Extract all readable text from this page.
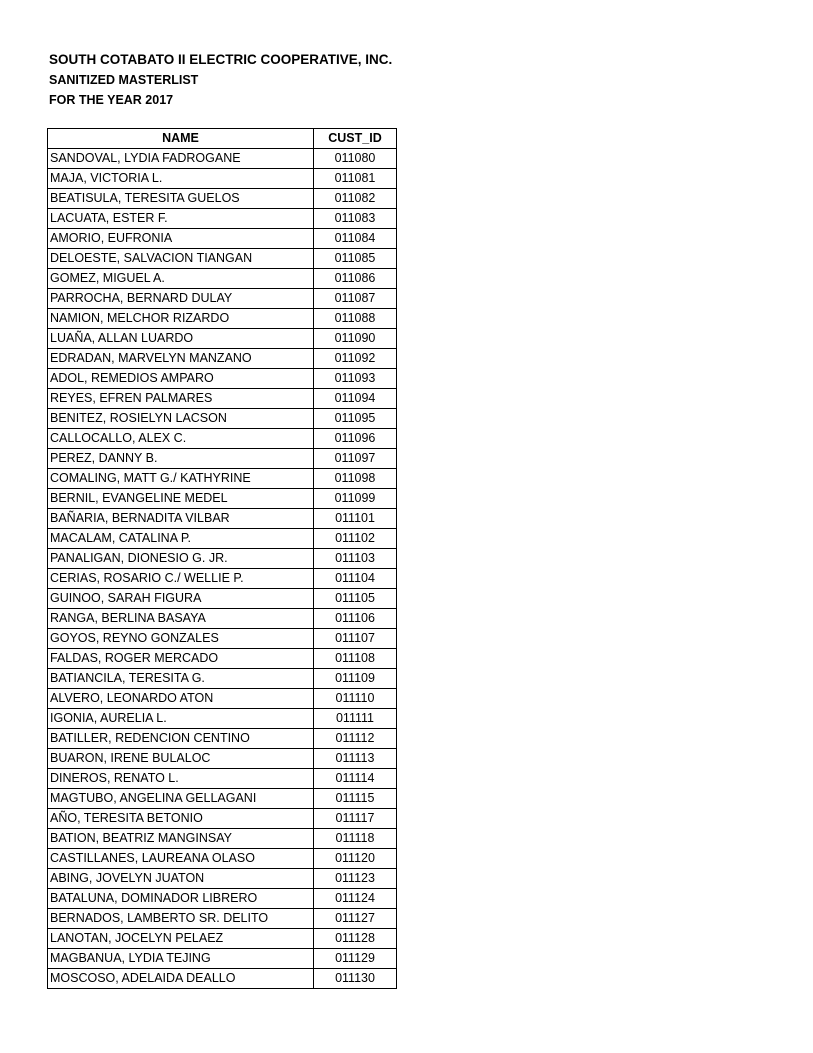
SOUTH COTABATO II ELECTRIC COOPERATIVE, INC.
SANITIZED MASTERLIST
FOR THE YEAR 2017
NAME	CUST_ID
SANDOVAL, LYDIA FADROGANE	011080
MAJA, VICTORIA L.	011081
BEATISULA, TERESITA GUELOS	011082
LACUATA, ESTER F.	011083
AMORIO, EUFRONIA	011084
DELOESTE, SALVACION TIANGAN	011085
GOMEZ, MIGUEL A.	011086
PARROCHA, BERNARD DULAY	011087
NAMION, MELCHOR RIZARDO	011088
LUAÑA, ALLAN LUARDO	011090
EDRADAN, MARVELYN MANZANO	011092
ADOL, REMEDIOS AMPARO	011093
REYES, EFREN PALMARES	011094
BENITEZ, ROSIELYN LACSON	011095
CALLOCALLO, ALEX C.	011096
PEREZ, DANNY B.	011097
COMALING, MATT G./ KATHYRINE	011098
BERNIL, EVANGELINE MEDEL	011099
BAÑARIA, BERNADITA VILBAR	011101
MACALAM, CATALINA P.	011102
PANALIGAN, DIONESIO G. JR.	011103
CERIAS, ROSARIO C./ WELLIE P.	011104
GUINOO, SARAH FIGURA	011105
RANGA, BERLINA BASAYA	011106
GOYOS, REYNO GONZALES	011107
FALDAS, ROGER MERCADO	011108
BATIANCILA, TERESITA G.	011109
ALVERO, LEONARDO ATON	011110
IGONIA, AURELIA L.	011111
BATILLER, REDENCION CENTINO	011112
BUARON, IRENE BULALOC	011113
DINEROS, RENATO L.	011114
MAGTUBO, ANGELINA GELLAGANI	011115
AÑO, TERESITA BETONIO	011117
BATION, BEATRIZ MANGINSAY	011118
CASTILLANES, LAUREANA OLASO	011120
ABING, JOVELYN JUATON	011123
BATALUNA, DOMINADOR LIBRERO	011124
BERNADOS, LAMBERTO SR. DELITO	011127
LANOTAN, JOCELYN PELAEZ	011128
MAGBANUA, LYDIA TEJING	011129
MOSCOSO, ADELAIDA DEALLO	011130
